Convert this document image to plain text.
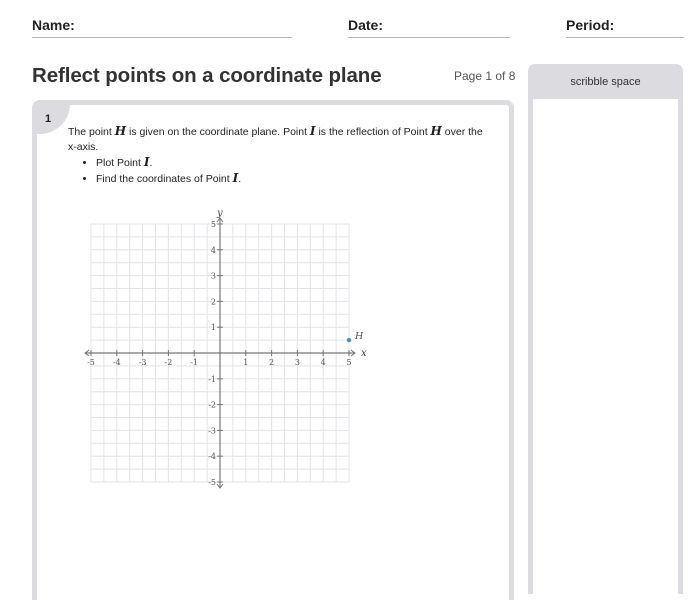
Name:	Date:	Period:
Reflect points on a coordinate plane	Page 1 of 8
1
The point H is given on the coordinate plane. Point I is the reflection of Point H over the x-axis.
• Plot Point I.
• Find the coordinates of Point I.
-5 -4 -3 -2 -1	1	2	3	4	5
-5
-4
-3
-2
-1
1
2
3
4
5
x
y
H
scribble space
